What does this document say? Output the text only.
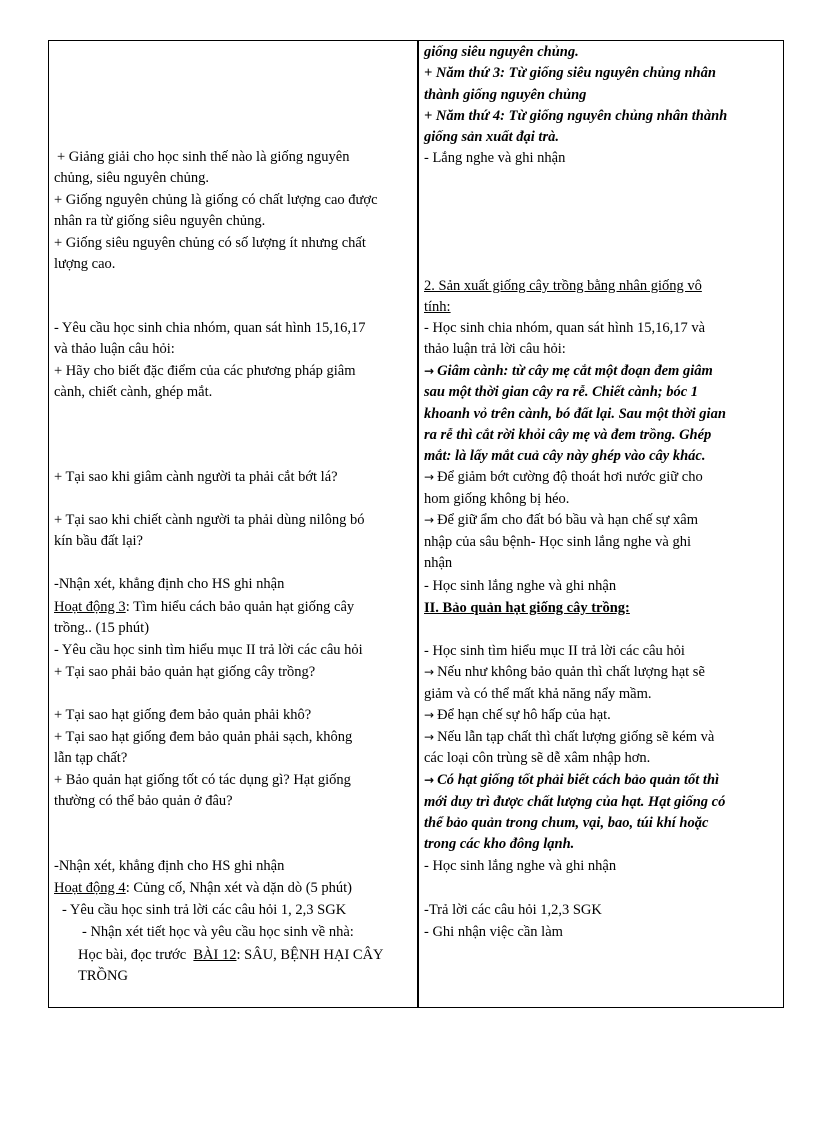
+ Giảng giải cho học sinh thế nào là giống nguyên
chủng, siêu nguyên chủng.
+ Giống nguyên chủng là giống có chất lượng cao được
nhân ra từ giống siêu nguyên chủng.
+ Giống siêu nguyên chủng có số lượng ít nhưng chất
lượng cao.
- Yêu cầu học sinh chia nhóm, quan sát hình 15,16,17
và thảo luận câu hỏi:
+ Hãy cho biết đặc điểm của các phương pháp giâm
cành, chiết cành, ghép mắt.
+ Tại sao khi giâm cành người ta phải cắt bớt lá?
+ Tại sao khi chiết cành người ta phải dùng nilông bó
kín bầu đất lại?
-Nhận xét, khẳng định cho HS ghi nhận
Hoạt động 3: Tìm hiểu cách bảo quản hạt giống cây
trồng.. (15 phút)
- Yêu cầu học sinh tìm hiểu mục II trả lời các câu hỏi
+ Tại sao phải bảo quản hạt giống cây trồng?
+ Tại sao hạt giống đem bảo quản phải khô?
+ Tại sao hạt giống đem bảo quản phải sạch, không
lẫn tạp chất?
+ Bảo quản hạt giống tốt có tác dụng gì? Hạt giống
thường có thể bảo quản ở đâu?
-Nhận xét, khẳng định cho HS ghi nhận
Hoạt động 4: Củng cố, Nhận xét và dặn dò (5 phút)
- Yêu cầu học sinh trả lời các câu hỏi 1, 2,3 SGK
- Nhận xét tiết học và yêu cầu học sinh về nhà:
Học bài, đọc trước BÀI 12: SÂU, BỆNH HẠI CÂY
TRỒNG
giống siêu nguyên chủng.
+ Năm thứ 3: Từ giống siêu nguyên chủng nhân
thành giống nguyên chủng
+ Năm thứ 4: Từ giống nguyên chủng nhân thành
giống sản xuất đại trà.
- Lắng nghe và ghi nhận
2. Sản xuất giống cây trồng bằng nhân giống vô
tính:
- Học sinh chia nhóm, quan sát hình 15,16,17 và
thảo luận trả lời câu hỏi:
→ Giâm cành: từ cây mẹ cắt một đoạn đem giâm
sau một thời gian cây ra rễ. Chiết cành; bóc 1
khoanh vỏ trên cành, bó đất lại. Sau một thời gian
ra rễ thì cắt rời khỏi cây mẹ và đem trồng. Ghép
mắt: là lấy mắt cuả cây này ghép vào cây khác.
→ Để giảm bớt cường độ thoát hơi nước giữ cho
hom giống không bị héo.
→ Để giữ ẩm cho đất bó bầu và hạn chế sự xâm
nhập của sâu bệnh- Học sinh lắng nghe và ghi
nhận
- Học sinh lắng nghe và ghi nhận
II. Bảo quản hạt giống cây trồng:
- Học sinh tìm hiểu mục II trả lời các câu hỏi
→ Nếu như không bảo quản thì chất lượng hạt sẽ
giảm và có thể mất khả năng nẩy mầm.
→ Để hạn chế sự hô hấp của hạt.
→ Nếu lẫn tạp chất thì chất lượng giống sẽ kém và
các loại côn trùng sẽ dễ xâm nhập hơn.
→ Có hạt giống tốt phải biết cách bảo quản tốt thì
mới duy trì được chất lượng của hạt. Hạt giống có
thể bảo quản trong chum, vại, bao, túi khí hoặc
trong các kho đông lạnh.
- Học sinh lắng nghe và ghi nhận
-Trả lời các câu hỏi 1,2,3 SGK
- Ghi nhận việc cần làm
